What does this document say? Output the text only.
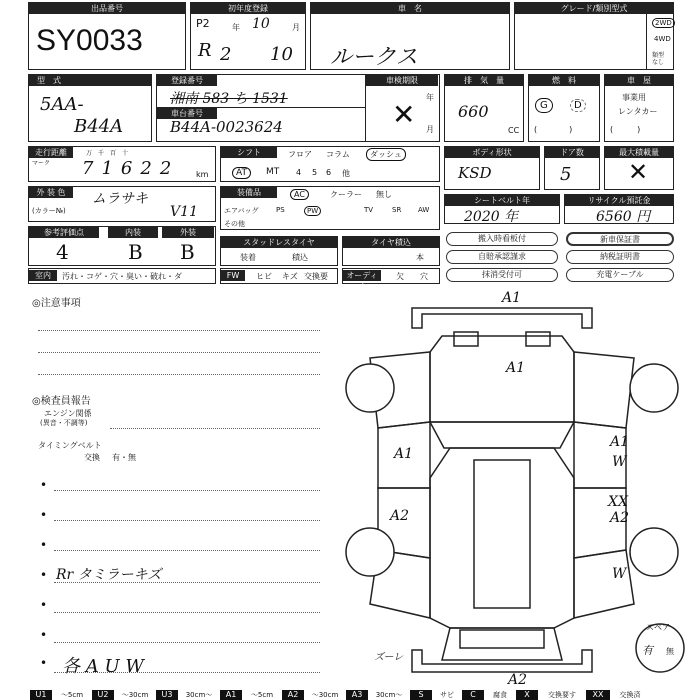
出品番号
SY0033
初年度登録
P2	年	月
R 2
10
10
車　名
ルークス
グレード/類別型式
2WD
4WD
類型なし
型　式
5AA-
B44A
登録番号
湘南 583 ち 1531
車検期限
年
月
✕
車台番号
B44A-0023624
排　気　量
660
CC
燃　料
G	D
(　　　　)
車　屋
事業用
レンタカー
(　　　)
走行距離
マーク
万　千　百　十
7 1 6 2 2	km
シフト	フロア コラム	ダッシュ
AT	MT 4 5 6 他
ボディ形状
KSD
ドア数
5
最大積載量
✕
外 装 色
(カラー№)
ムラサキ
V11
装備品	AC	クーラー 無し
エアバッグ	PS	PW	TV	SR AW
その他
シートベルト年
2020 年
リサイクル預託金
6560 円
参考評価点	内装	外装
4	B B	スタッドレスタイヤ
装着	積込
タイヤ積込
本
室内	汚れ・コゲ・穴・臭い・破れ・ダ	FW	ヒビ キズ 交換要	オーディオ
欠 穴
搬入時看板付	新車保証書
自賠承認謹求	納税証明書
抹消受付可	充電ケーブル
◎注意事項
◎検査員報告
エンジン関係
(異音・不調等)
タイミングベルト
交換 有・無
•
•
•
• Rr タミラーキズ
•
•
• 各 A U W
A1
A1
A1
A1
W
A2
XX
A2
W
A2
ズーレ
スペア
有 無
U1	～5cm	U2	～30cm	U3	30cm～	A1	～5cm	A2	～30cm	A3	30cm～	S	サビ	C	腐食	X	交換要す	XX	交換済
